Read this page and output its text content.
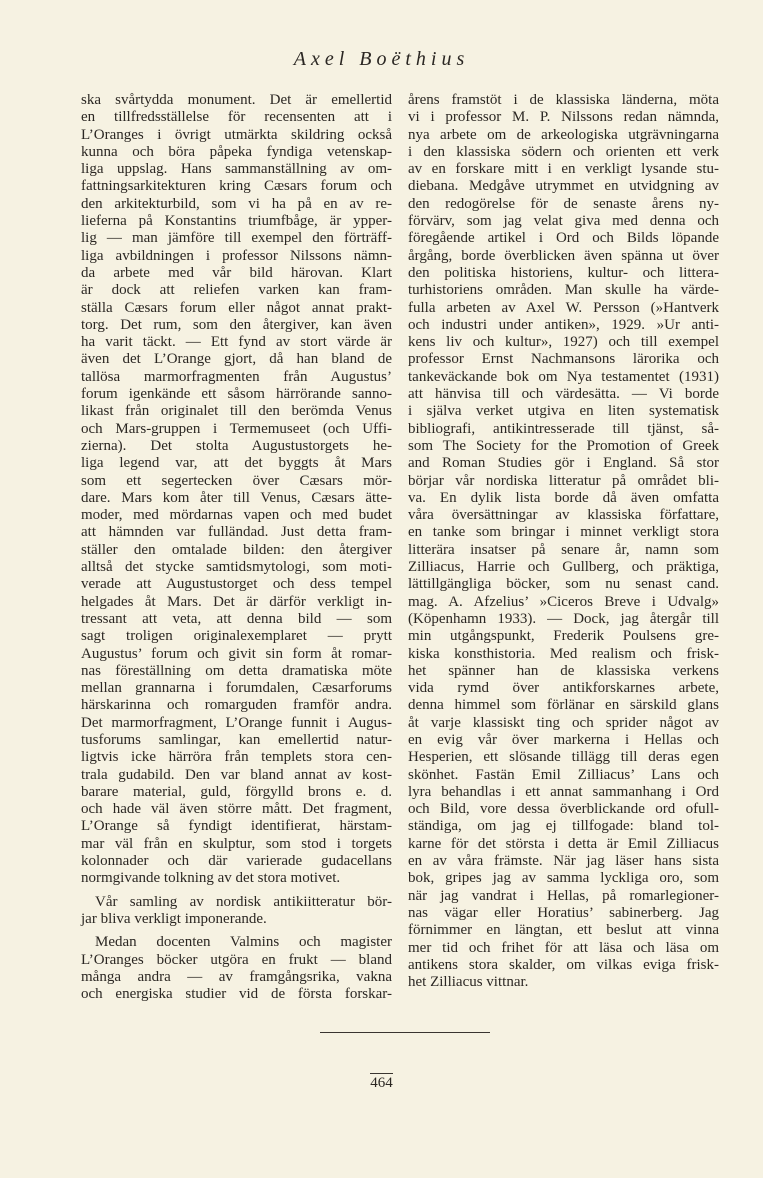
Axel Boëthius
ska svårtydda monument. Det är emellertid
en tillfredsställelse för recensenten att i
L’Oranges i övrigt utmärkta skildring också
kunna och böra påpeka fyndiga vetenskap-
liga uppslag. Hans sammanställning av om-
fattningsarkitekturen kring Cæsars forum och
den arkitekturbild, som vi ha på en av re-
lieferna på Konstantins triumfbåge, är ypper-
lig — man jämföre till exempel den förträff-
liga avbildningen i professor Nilssons nämn-
da arbete med vår bild härovan. Klart
är dock att reliefen varken kan fram-
ställa Cæsars forum eller något annat prakt-
torg. Det rum, som den återgiver, kan även
ha varit täckt. — Ett fynd av stort värde är
även det L’Orange gjort, då han bland de
tallösa marmorfragmenten från Augustus’
forum igenkände ett såsom härrörande sanno-
likast från originalet till den berömda Venus
och Mars-gruppen i Termemuseet (och Uffi-
zierna). Det stolta Augustustorgets he-
liga legend var, att det byggts åt Mars
som ett segertecken över Cæsars mör-
dare. Mars kom åter till Venus, Cæsars ätte-
moder, med mördarnas vapen och med budet
att hämnden var fulländad. Just detta fram-
ställer den omtalade bilden: den återgiver
alltså det stycke samtidsmytologi, som moti-
verade att Augustustorget och dess tempel
helgades åt Mars. Det är därför verkligt in-
tressant att veta, att denna bild — som
sagt troligen originalexemplaret — prytt
Augustus’ forum och givit sin form åt romar-
nas föreställning om detta dramatiska möte
mellan grannarna i forumdalen, Cæsarforums
härskarinna och romarguden framför andra.
Det marmorfragment, L’Orange funnit i Augus-
tusforums samlingar, kan emellertid natur-
ligtvis icke härröra från templets stora cen-
trala gudabild. Den var bland annat av kost-
barare material, guld, förgylld brons e. d.
och hade väl även större mått. Det fragment,
L’Orange så fyndigt identifierat, härstam-
mar väl från en skulptur, som stod i torgets
kolonnader och där varierade gudacellans
normgivande tolkning av det stora motivet.
Vår samling av nordisk antikiitteratur bör-
jar bliva verkligt imponerande.
Medan docenten Valmins och magister
L’Oranges böcker utgöra en frukt — bland
många andra — av framgångsrika, vakna
och energiska studier vid de första forskar-
årens framstöt i de klassiska länderna, möta
vi i professor M. P. Nilssons redan nämnda,
nya arbete om de arkeologiska utgrävningarna
i den klassiska södern och orienten ett verk
av en forskare mitt i en verkligt lysande stu-
diebana. Medgåve utrymmet en utvidgning av
den redogörelse för de senaste årens ny-
förvärv, som jag velat giva med denna och
föregående artikel i Ord och Bilds löpande
årgång, borde överblicken även spänna ut över
den politiska historiens, kultur- och littera-
turhistoriens områden. Man skulle ha värde-
fulla arbeten av Axel W. Persson (»Hantverk
och industri under antiken», 1929. »Ur anti-
kens liv och kultur», 1927) och till exempel
professor Ernst Nachmansons lärorika och
tankeväckande bok om Nya testamentet (1931)
att hänvisa till och värdesätta. — Vi borde
i själva verket utgiva en liten systematisk
bibliografi, antikintresserade till tjänst, så-
som The Society for the Promotion of Greek
and Roman Studies gör i England. Så stor
börjar vår nordiska litteratur på området bli-
va. En dylik lista borde då även omfatta
våra översättningar av klassiska författare,
en tanke som bringar i minnet verkligt stora
litterära insatser på senare år, namn som
Zilliacus, Harrie och Gullberg, och präktiga,
lättillgängliga böcker, som nu senast cand.
mag. A. Afzelius’ »Ciceros Breve i Udvalg»
(Köpenhamn 1933). — Dock, jag återgår till
min utgångspunkt, Frederik Poulsens gre-
kiska konsthistoria. Med realism och frisk-
het spänner han de klassiska verkens
vida rymd över antikforskarnes arbete,
denna himmel som förlänar en särskild glans
åt varje klassiskt ting och sprider något av
en evig vår över markerna i Hellas och
Hesperien, ett slösande tillägg till deras egen
skönhet. Fastän Emil Zilliacus’ Lans och
lyra behandlas i ett annat sammanhang i Ord
och Bild, vore dessa överblickande ord ofull-
ständiga, om jag ej tillfogade: bland tol-
karne för det största i detta är Emil Zilliacus
en av våra främste. När jag läser hans sista
bok, gripes jag av samma lyckliga oro, som
när jag vandrat i Hellas, på romarlegioner-
nas vägar eller Horatius’ sabinerberg. Jag
förnimmer en längtan, ett beslut att vinna
mer tid och frihet för att läsa och läsa om
antikens stora skalder, om vilkas eviga frisk-
het Zilliacus vittnar.
464
